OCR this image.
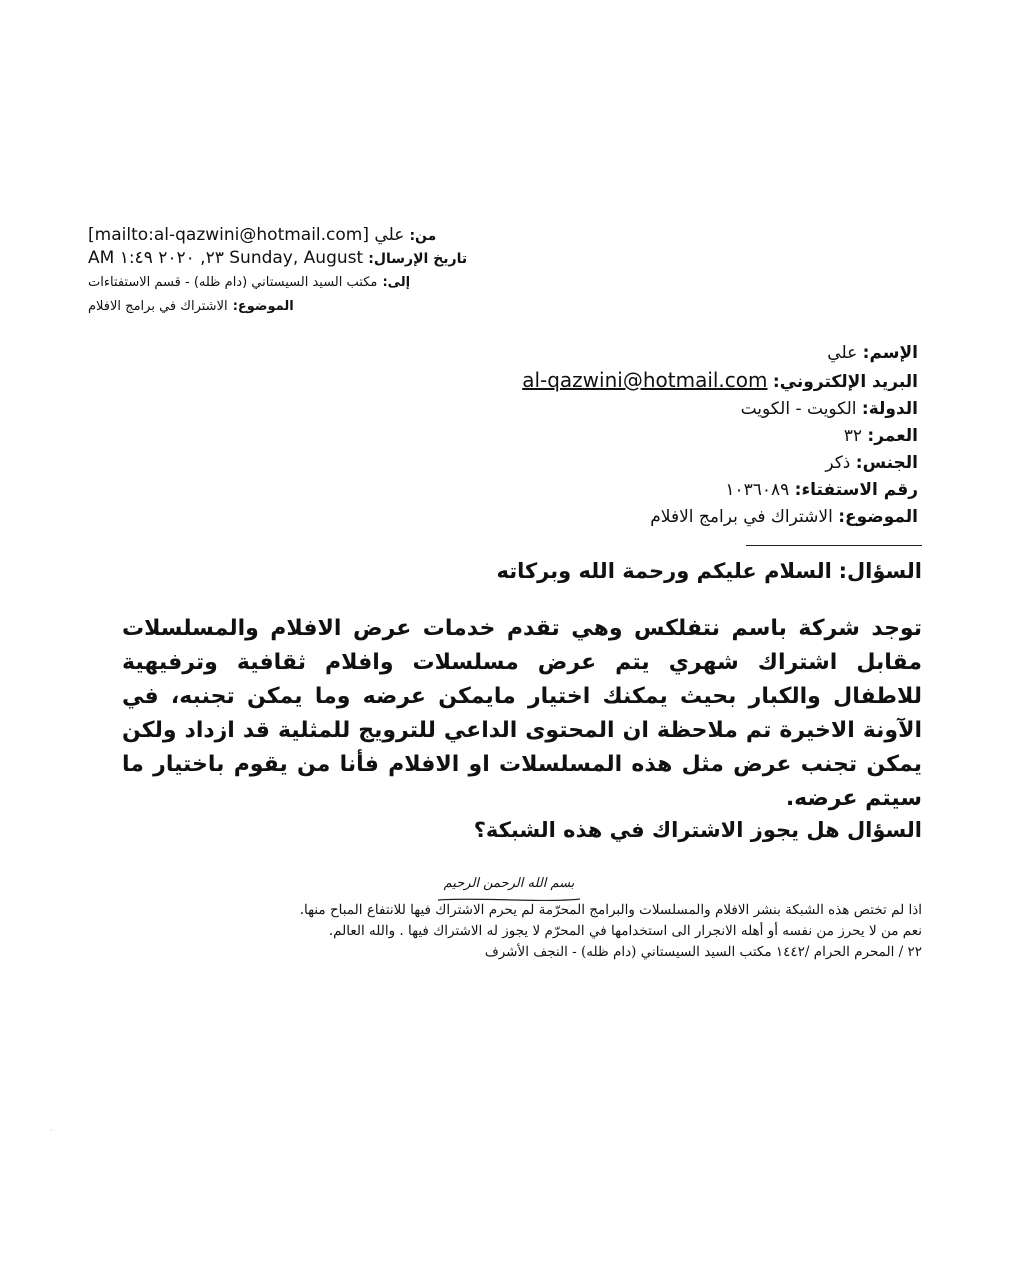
من: علي [mailto:al-qazwini@hotmail.com]
تاريخ الإرسال: Sunday, August ٢٣, ٢٠٢٠ ١:٤٩ AM
إلى: مكتب السيد السيستاني (دام ظله) - قسم الاستفتاءات
الموضوع: الاشتراك في برامج الافلام
الإسم: علي
البريد الإلكتروني: al-qazwini@hotmail.com
الدولة: الكويت - الكويت
العمر: ٣٢
الجنس: ذكر
رقم الاستفتاء: ١٠٣٦٠٨٩
الموضوع: الاشتراك في برامج الافلام
السؤال: السلام عليكم ورحمة الله وبركاته
توجد شركة باسم نتفلكس وهي تقدم خدمات عرض الافلام والمسلسلات مقابل اشتراك شهري يتم عرض مسلسلات وافلام ثقافية وترفيهية للاطفال والكبار بحيث يمكنك اختيار مايمكن عرضه وما يمكن تجنبه، في الآونة الاخيرة تم ملاحظة ان المحتوى الداعي للترويج للمثلية قد ازداد ولكن يمكن تجنب عرض مثل هذه المسلسلات او الافلام فأنا من يقوم باختيار ما سيتم عرضه.
السؤال هل يجوز الاشتراك في هذه الشبكة؟
بسم الله الرحمن الرحيم

اذا لم تختص هذه الشبكة بنشر الافلام والمسلسلات والبرامج المحرّمة لم يحرم الاشتراك فيها للانتفاع المباح منها.

نعم من لا يحرز من نفسه أو أهله الانجرار الى استخدامها في المحرّم لا يجوز له الاشتراك فيها . والله العالم.

٢٢ / المحرم الحرام /١٤٤٢ مكتب السيد السيستاني (دام ظله) - النجف الأشرف

·
